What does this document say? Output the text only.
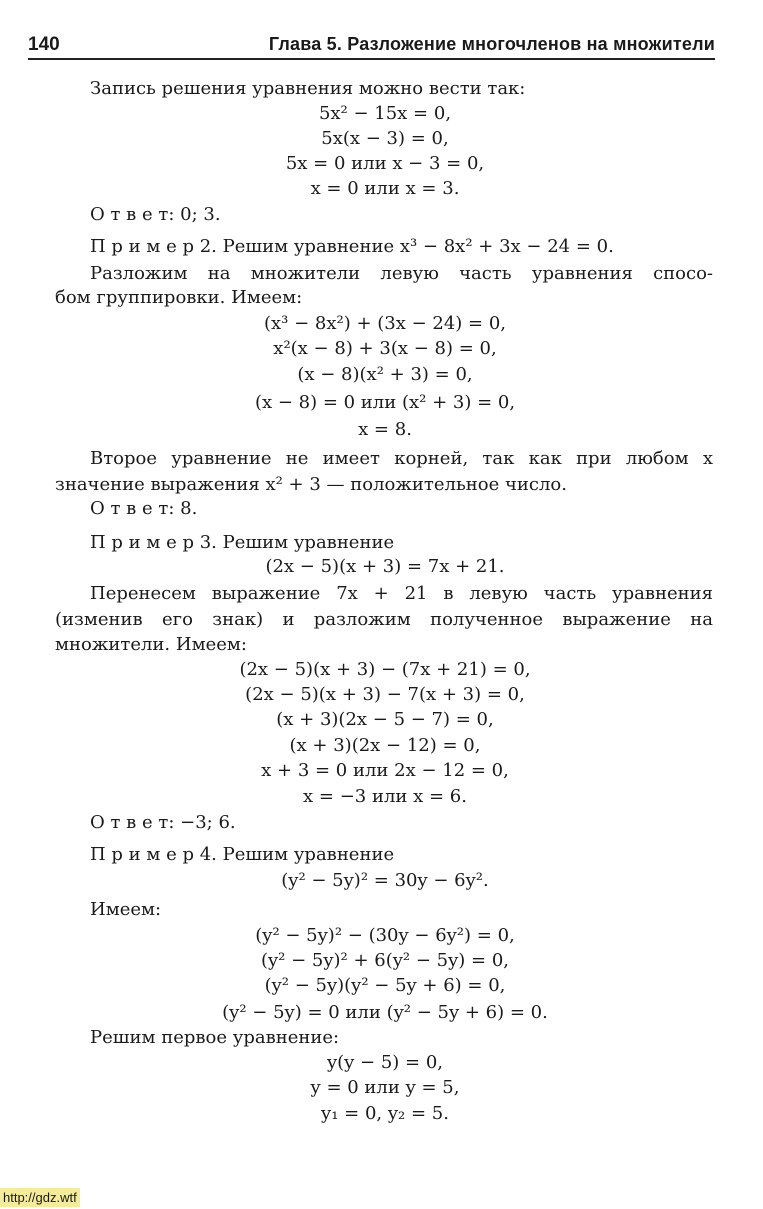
140	Глава 5. Разложение многочленов на множители
Запись решения уравнения можно вести так:
5x² − 15x = 0,
5x(x − 3) = 0,
5x = 0 или x − 3 = 0,
x = 0 или x = 3.
О т в е т: 0; 3.
П р и м е р 2. Решим уравнение x³ − 8x² + 3x − 24 = 0.
Разложим на множители левую часть уравнения спосо-
бом группировки. Имеем:
(x³ − 8x²) + (3x − 24) = 0,
x²(x − 8) + 3(x − 8) = 0,
(x − 8)(x² + 3) = 0,
(x − 8) = 0 или (x² + 3) = 0,
x = 8.
Второе уравнение не имеет корней, так как при любом x
значение выражения x² + 3 — положительное число.
О т в е т: 8.
П р и м е р 3. Решим уравнение
(2x − 5)(x + 3) = 7x + 21.
Перенесем выражение 7x + 21 в левую часть уравнения
(изменив его знак) и разложим полученное выражение на
множители. Имеем:
(2x − 5)(x + 3) − (7x + 21) = 0,
(2x − 5)(x + 3) − 7(x + 3) = 0,
(x + 3)(2x − 5 − 7) = 0,
(x + 3)(2x − 12) = 0,
x + 3 = 0 или 2x − 12 = 0,
x = −3 или x = 6.
О т в е т: −3; 6.
П р и м е р 4. Решим уравнение
(y² − 5y)² = 30y − 6y².
Имеем:
(y² − 5y)² − (30y − 6y²) = 0,
(y² − 5y)² + 6(y² − 5y) = 0,
(y² − 5y)(y² − 5y + 6) = 0,
(y² − 5y) = 0 или (y² − 5y + 6) = 0.
Решим первое уравнение:
y(y − 5) = 0,
y = 0 или y = 5,
y₁ = 0, y₂ = 5.
http://gdz.wtf
